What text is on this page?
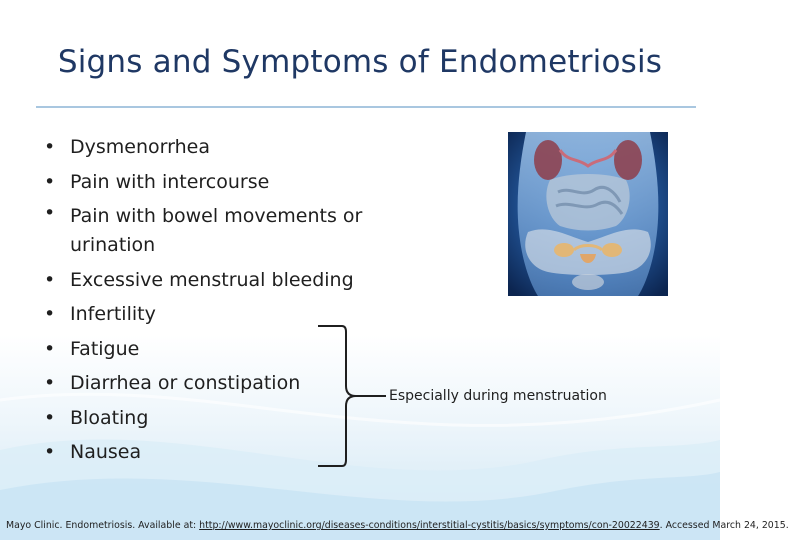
Signs and Symptoms of Endometriosis
• Dysmenorrhea
• Pain with intercourse
• Pain with bowel movements or urination
• Excessive menstrual bleeding
• Infertility
• Fatigue
• Diarrhea or constipation
• Bloating
• Nausea
Especially during menstruation
Mayo Clinic. Endometriosis. Available at: http://www.mayoclinic.org/diseases-conditions/interstitial-cystitis/basics/symptoms/con-20022439. Accessed March 24, 2015.
